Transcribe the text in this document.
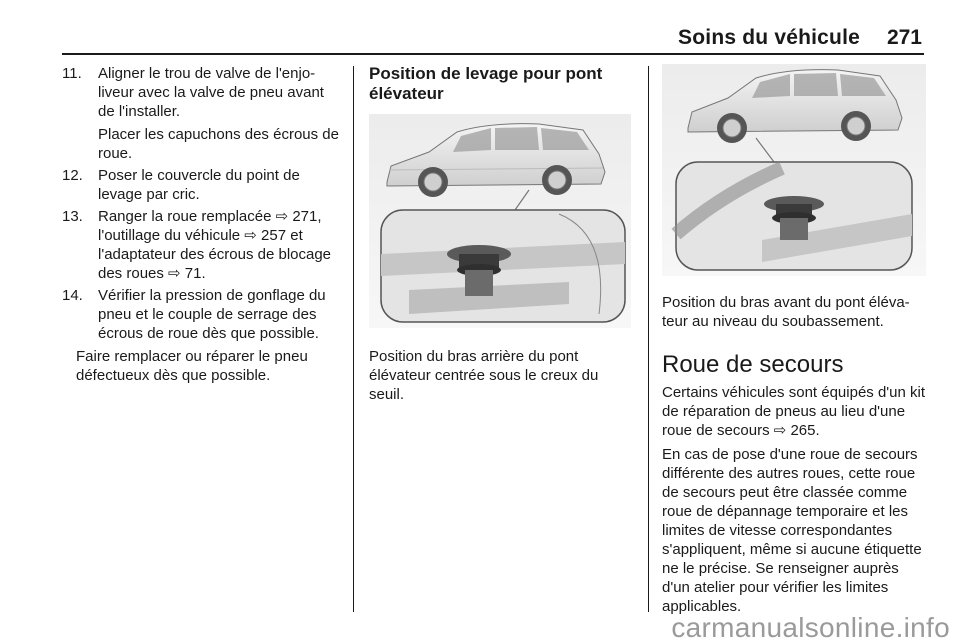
Soins du véhicule 271
11. Aligner le trou de valve de l'enjoliveur avec la valve de pneu avant de l'installer.
Placer les capuchons des écrous de roue.
12. Poser le couvercle du point de levage par cric.
13. Ranger la roue remplacée ⇨ 271, l'outillage du véhicule ⇨ 257 et l'adaptateur des écrous de blocage des roues ⇨ 71.
14. Vérifier la pression de gonflage du pneu et le couple de serrage des écrous de roue dès que possible.
Faire remplacer ou réparer le pneu défectueux dès que possible.
Position de levage pour pont élévateur
Position du bras arrière du pont élévateur centrée sous le creux du seuil.
Position du bras avant du pont élévateur au niveau du soubassement.
Roue de secours

Certains véhicules sont équipés d'un kit de réparation de pneus au lieu d'une roue de secours ⇨ 265.

En cas de pose d'une roue de secours différente des autres roues, cette roue de secours peut être classée comme roue de dépannage temporaire et les limites de vitesse correspondantes s'appliquent, même si aucune étiquette ne le précise. Se renseigner auprès d'un atelier pour vérifier les limites applicables.

carmanualsonline.info
